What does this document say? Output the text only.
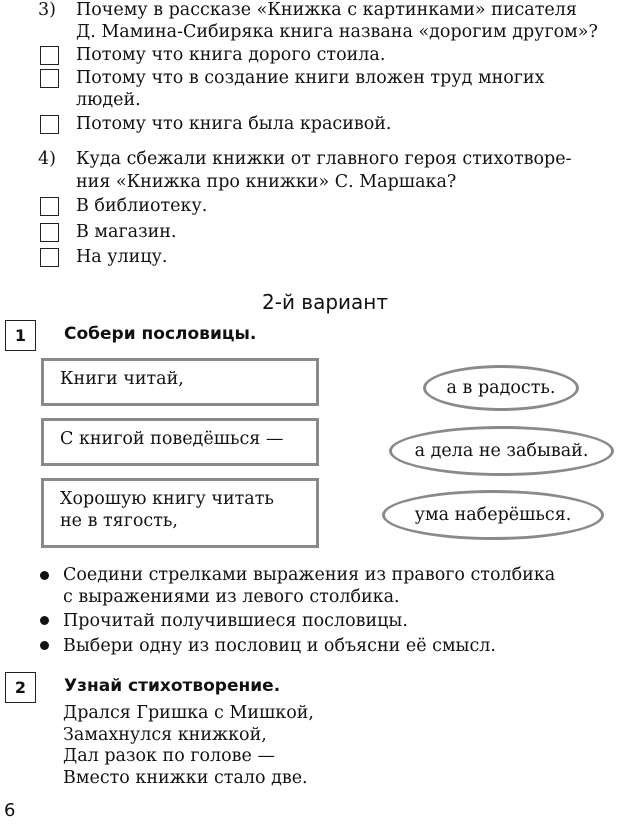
3) Почему в рассказе «Книжка с картинками» писателя
Д. Мамина-Сибиряка книга названа «дорогим другом»?
Потому что книга дорого стоила.
Потому что в создание книги вложен труд многих
людей.
Потому что книга была красивой.
4) Куда сбежали книжки от главного героя стихотворе-
ния «Книжка про книжки» С. Маршака?
В библиотеку.
В магазин.
На улицу.
2-й вариант
1 Собери пословицы.
Книги читай,
С книгой поведёшься —
Хорошую книгу читать
не в тягость,
а в радость.
а дела не забывай.
ума наберёшься.
Соедини стрелками выражения из правого столбика
с выражениями из левого столбика.
Прочитай получившиеся пословицы.
Выбери одну из пословиц и объясни её смысл.
2 Узнай стихотворение.
Дрался Гришка с Мишкой,
Замахнулся книжкой,
Дал разок по голове —
Вместо книжки стало две.
6
